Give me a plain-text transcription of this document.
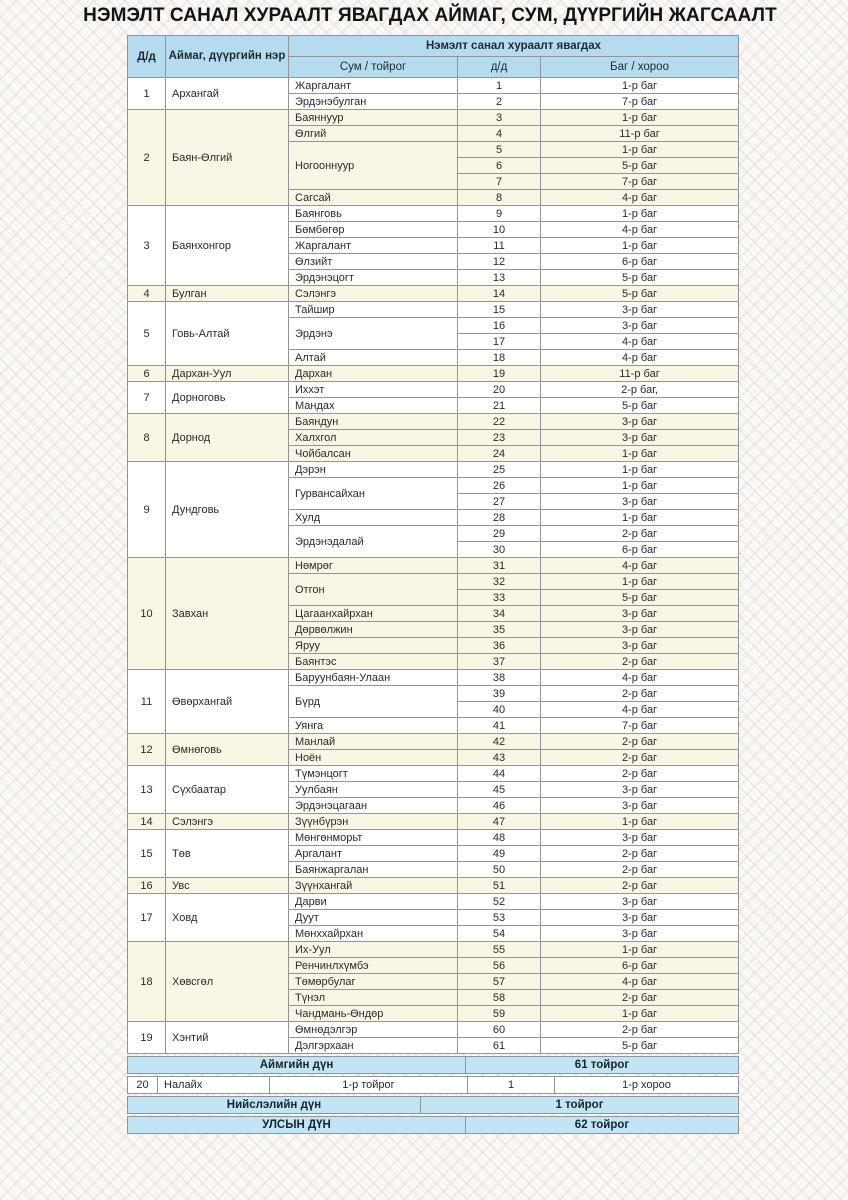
НЭМЭЛТ САНАЛ ХУРААЛТ ЯВАГДАХ АЙМАГ, СУМ, ДҮҮРГИЙН ЖАГСААЛТ
Д/д	Аймаг, дүүргийн нэр	Нэмэлт санал хураалт явагдах		
		Сум / тойрог	д/д	Баг / хороо
1	Архангай	Жаргалант	1	1-р баг
		Эрдэнэбулган	2	7-р баг
2	Баян-Өлгий	Баяннуур	3	1-р баг
		Өлгий	4	11-р баг
		Ногооннуур	5	1-р баг
			6	5-р баг
			7	7-р баг
		Сагсай	8	4-р баг
3	Баянхонгор	Баянговь	9	1-р баг
		Бөмбөгөр	10	4-р баг
		Жаргалант	11	1-р баг
		Өлзийт	12	6-р баг
		Эрдэнэцогт	13	5-р баг
4	Булган	Сэлэнгэ	14	5-р баг
5	Говь-Алтай	Тайшир	15	3-р баг
		Эрдэнэ	16	3-р баг
			17	4-р баг
		Алтай	18	4-р баг
6	Дархан-Уул	Дархан	19	11-р баг
7	Дорноговь	Иххэт	20	2-р баг,
		Мандах	21	5-р баг
8	Дорнод	Баяндун	22	3-р баг
		Халхгол	23	3-р баг
		Чойбалсан	24	1-р баг
9	Дундговь	Дэрэн	25	1-р баг
		Гурвансайхан	26	1-р баг
			27	3-р баг
		Хулд	28	1-р баг
		Эрдэнэдалай	29	2-р баг
			30	6-р баг
10	Завхан	Нөмрөг	31	4-р баг
		Отгон	32	1-р баг
			33	5-р баг
		Цагаанхайрхан	34	3-р баг
		Дөрвөлжин	35	3-р баг
		Яруу	36	3-р баг
		Баянтэс	37	2-р баг
11	Өвөрхангай	Баруунбаян-Улаан	38	4-р баг
		Бүрд	39	2-р баг
			40	4-р баг
		Уянга	41	7-р баг
12	Өмнөговь	Манлай	42	2-р баг
		Ноён	43	2-р баг
13	Сүхбаатар	Түмэнцогт	44	2-р баг
		Уулбаян	45	3-р баг
		Эрдэнэцагаан	46	3-р баг
14	Сэлэнгэ	Зүүнбүрэн	47	1-р баг
15	Төв	Мөнгөнморьт	48	3-р баг
		Аргалант	49	2-р баг
		Баянжаргалан	50	2-р баг
16	Увс	Зүүнхангай	51	2-р баг
17	Ховд	Дарви	52	3-р баг
		Дуут	53	3-р баг
		Мөнххайрхан	54	3-р баг
18	Хөвсгөл	Их-Уул	55	1-р баг
		Ренчинлхүмбэ	56	6-р баг
		Төмөрбулаг	57	4-р баг
		Түнэл	58	2-р баг
		Чандмань-Өндөр	59	1-р баг
19	Хэнтий	Өмнөдэлгэр	60	2-р баг
		Дэлгэрхаан	61	5-р баг
Аймгийн дүн	61 тойрог
20	Налайх	1-р тойрог	1	1-р хороо
Нийслэлийн дүн	1 тойрог
УЛСЫН ДҮН	62 тойрог
